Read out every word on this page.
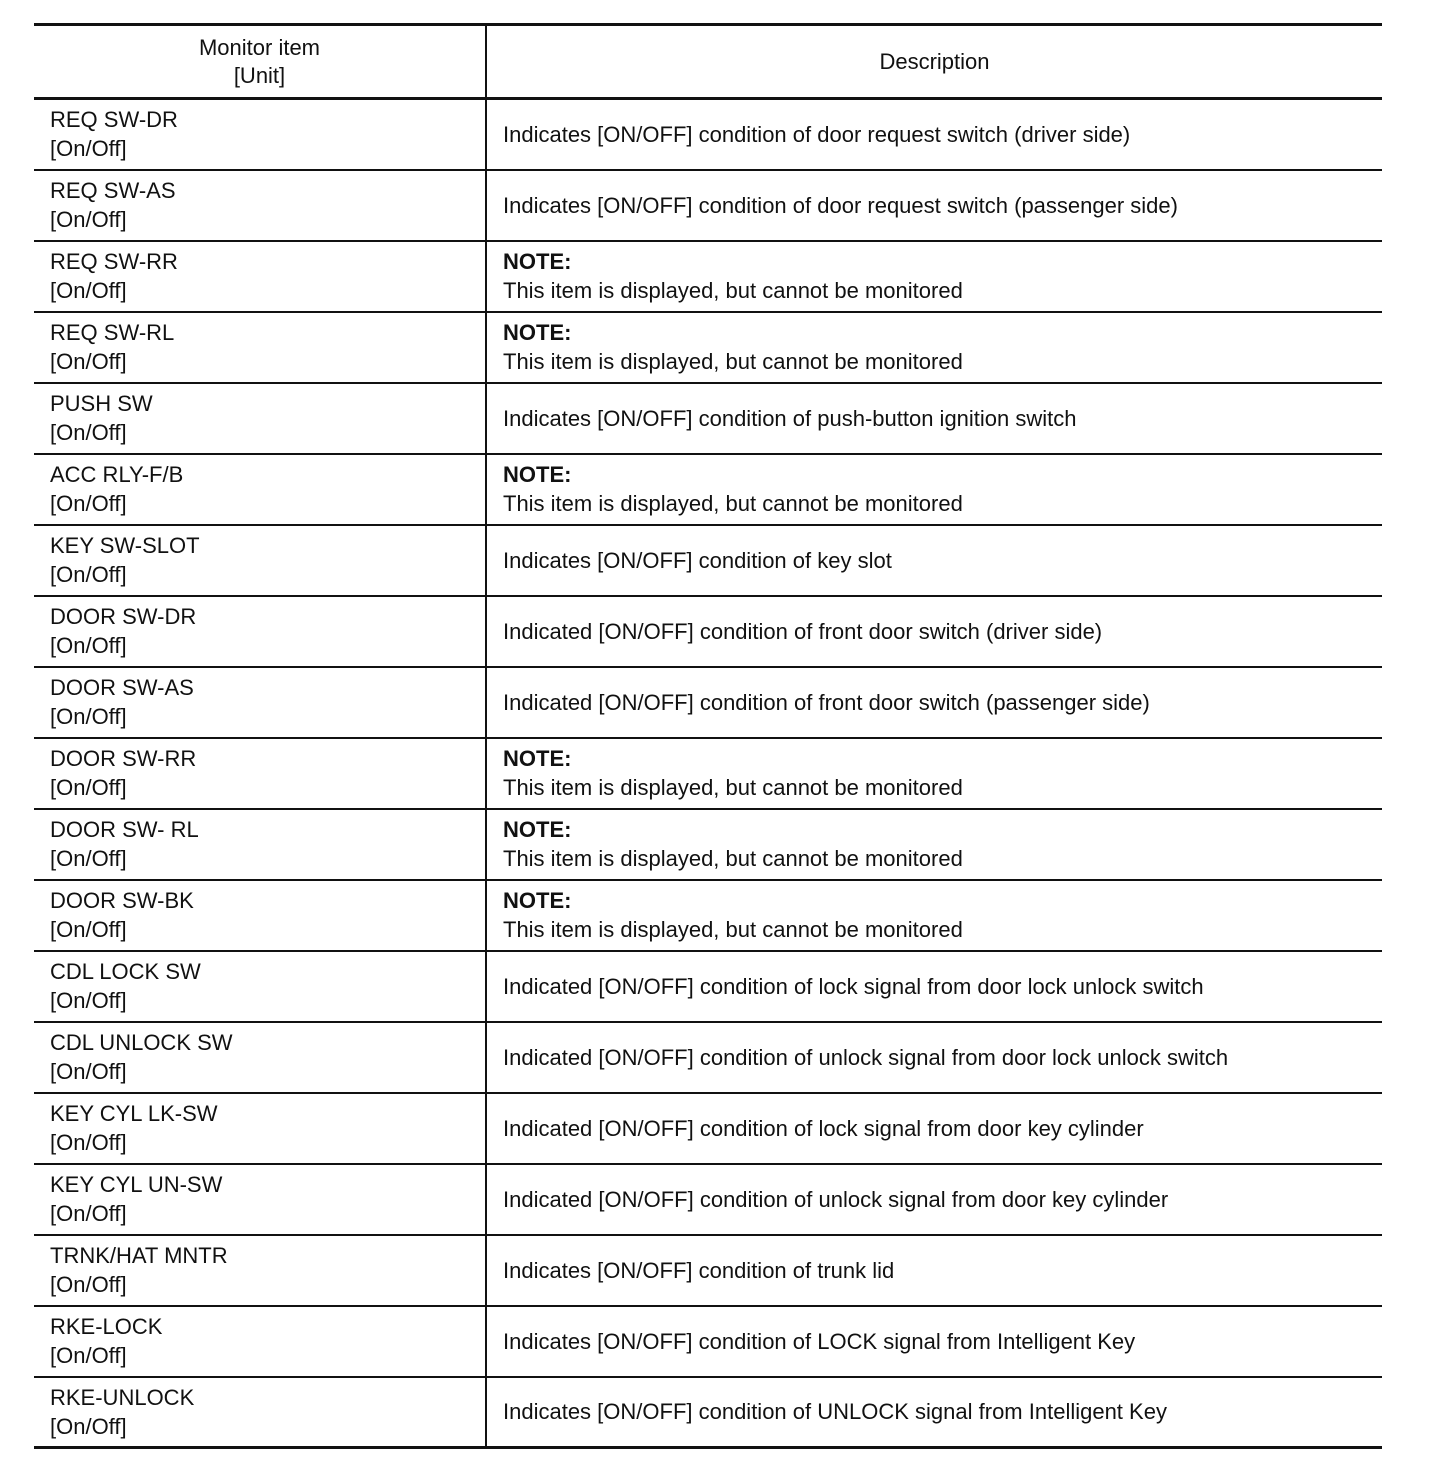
Monitor item
[Unit]	Description

REQ SW-DR
[On/Off]	Indicates [ON/OFF] condition of door request switch (driver side)

REQ SW-AS
[On/Off]	Indicates [ON/OFF] condition of door request switch (passenger side)

REQ SW-RR
[On/Off]	NOTE:
This item is displayed, but cannot be monitored

REQ SW-RL
[On/Off]	NOTE:
This item is displayed, but cannot be monitored

PUSH SW
[On/Off]	Indicates [ON/OFF] condition of push-button ignition switch

ACC RLY-F/B
[On/Off]	NOTE:
This item is displayed, but cannot be monitored

KEY SW-SLOT
[On/Off]	Indicates [ON/OFF] condition of key slot

DOOR SW-DR
[On/Off]	Indicated [ON/OFF] condition of front door switch (driver side)

DOOR SW-AS
[On/Off]	Indicated [ON/OFF] condition of front door switch (passenger side)

DOOR SW-RR
[On/Off]	NOTE:
This item is displayed, but cannot be monitored

DOOR SW- RL
[On/Off]	NOTE:
This item is displayed, but cannot be monitored

DOOR SW-BK
[On/Off]	NOTE:
This item is displayed, but cannot be monitored

CDL LOCK SW
[On/Off]	Indicated [ON/OFF] condition of lock signal from door lock unlock switch

CDL UNLOCK SW
[On/Off]	Indicated [ON/OFF] condition of unlock signal from door lock unlock switch

KEY CYL LK-SW
[On/Off]	Indicated [ON/OFF] condition of lock signal from door key cylinder

KEY CYL UN-SW
[On/Off]	Indicated [ON/OFF] condition of unlock signal from door key cylinder

TRNK/HAT MNTR
[On/Off]	Indicates [ON/OFF] condition of trunk lid

RKE-LOCK
[On/Off]	Indicates [ON/OFF] condition of LOCK signal from Intelligent Key

RKE-UNLOCK
[On/Off]	Indicates [ON/OFF] condition of UNLOCK signal from Intelligent Key
